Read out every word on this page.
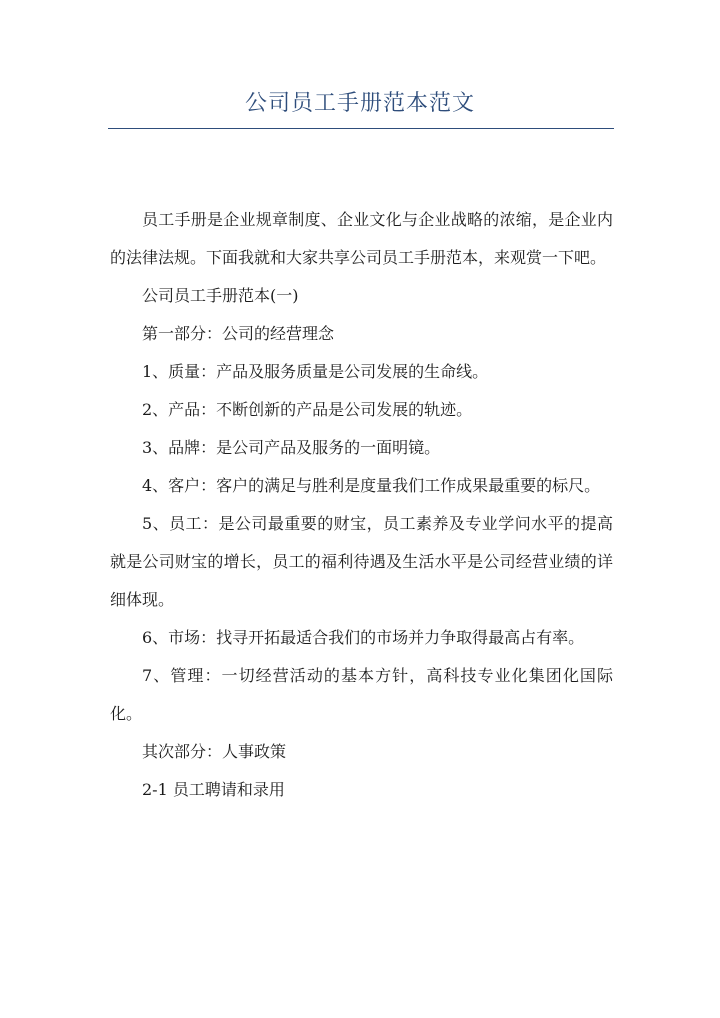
公司员工手册范本范文

员工手册是企业规章制度、企业文化与企业战略的浓缩，是企业内的法律法规。下面我就和大家共享公司员工手册范本，来观赏一下吧。

公司员工手册范本(一)

第一部分：公司的经营理念

1、质量：产品及服务质量是公司发展的生命线。

2、产品：不断创新的产品是公司发展的轨迹。

3、品牌：是公司产品及服务的一面明镜。

4、客户：客户的满足与胜利是度量我们工作成果最重要的标尺。

5、员工：是公司最重要的财宝，员工素养及专业学问水平的提高就是公司财宝的增长，员工的福利待遇及生活水平是公司经营业绩的详细体现。

6、市场：找寻开拓最适合我们的市场并力争取得最高占有率。

7、管理：一切经营活动的基本方针，高科技专业化集团化国际化。

其次部分：人事政策

2-1 员工聘请和录用
